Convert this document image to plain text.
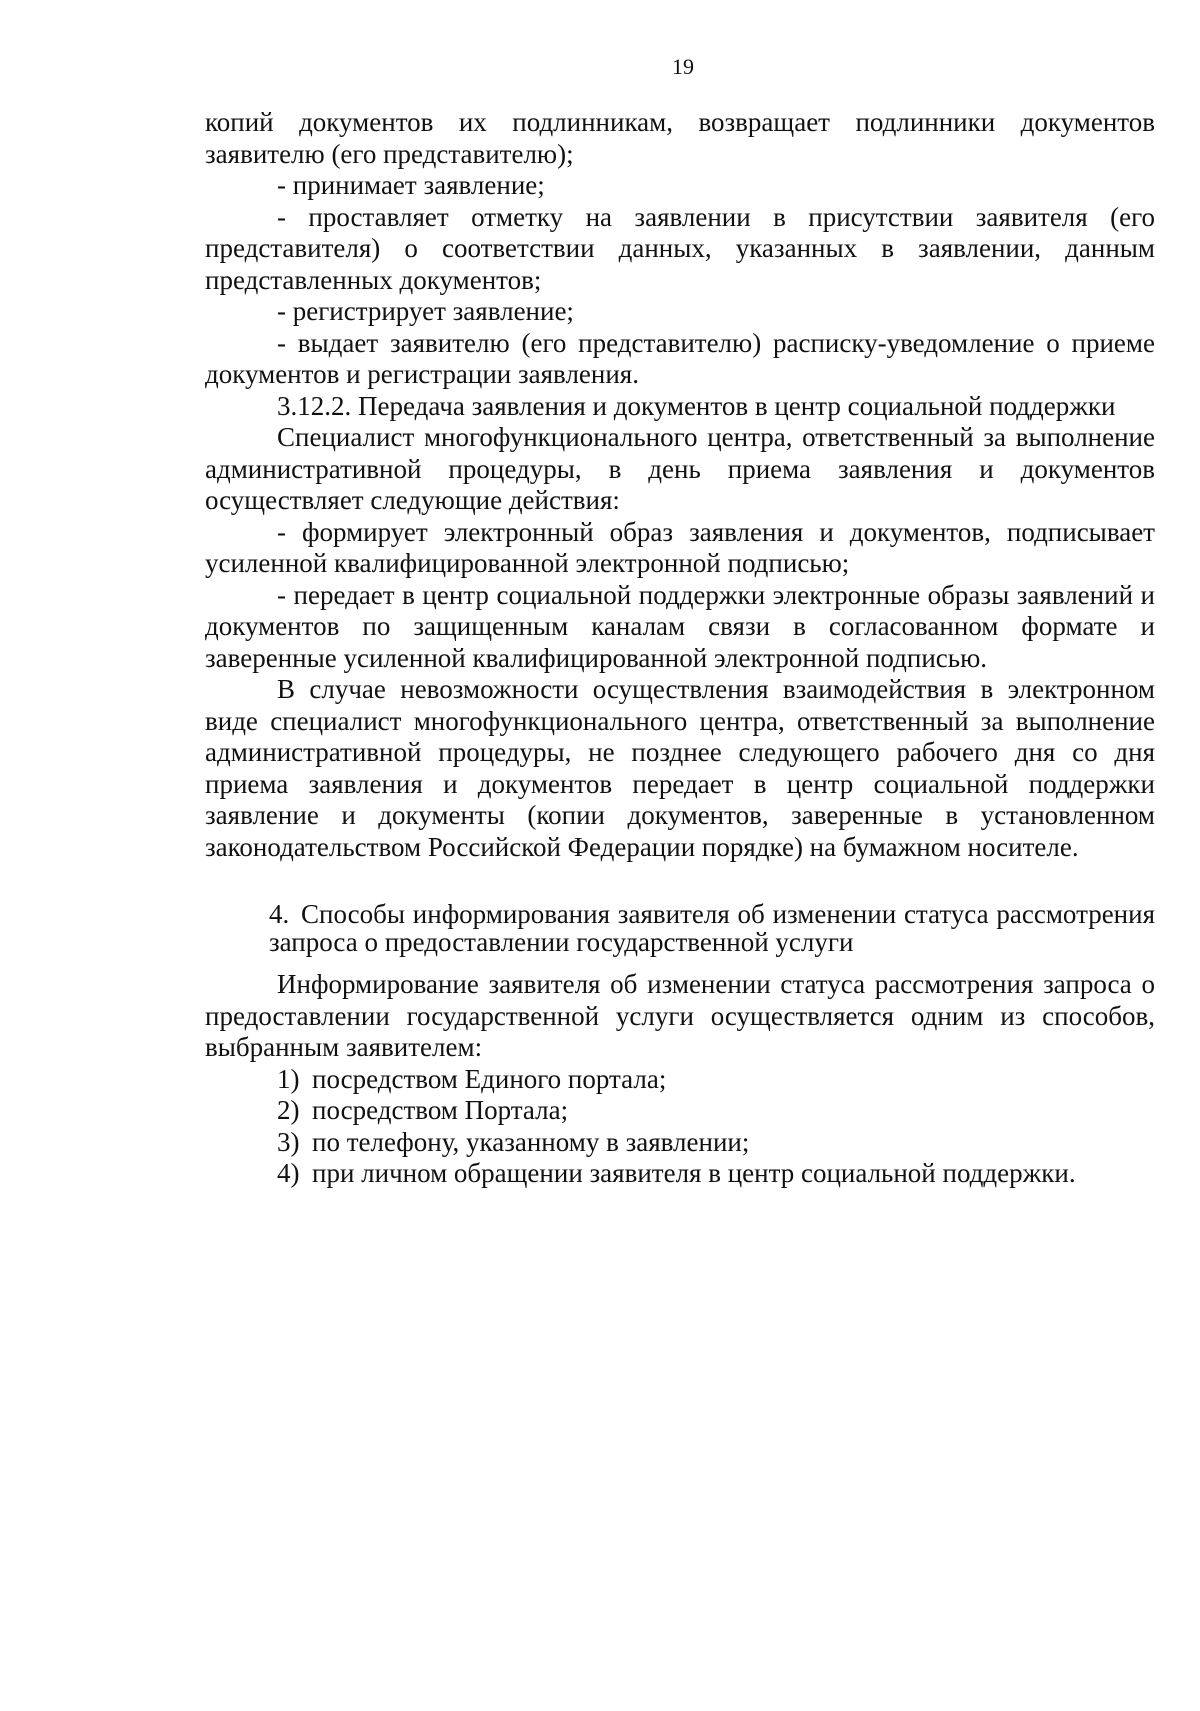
19

копий документов их подлинникам, возвращает подлинники документов заявителю (его представителю);

- принимает заявление;

- проставляет отметку на заявлении в присутствии заявителя (его представителя) о соответствии данных, указанных в заявлении, данным представленных документов;

- регистрирует заявление;

- выдает заявителю (его представителю) расписку-уведомление о приеме документов и регистрации заявления.

3.12.2. Передача заявления и документов в центр социальной поддержки

Специалист многофункционального центра, ответственный за выполнение административной процедуры, в день приема заявления и документов осуществляет следующие действия:

- формирует электронный образ заявления и документов, подписывает усиленной квалифицированной электронной подписью;

- передает в центр социальной поддержки электронные образы заявлений и документов по защищенным каналам связи в согласованном формате и заверенные усиленной квалифицированной электронной подписью.

В случае невозможности осуществления взаимодействия в электронном виде специалист многофункционального центра, ответственный за выполнение административной процедуры, не позднее следующего рабочего дня со дня приема заявления и документов передает в центр социальной поддержки заявление и документы (копии документов, заверенные в установленном законодательством Российской Федерации порядке) на бумажном носителе.

4. Способы информирования заявителя об изменении статуса рассмотрения запроса о предоставлении государственной услуги

Информирование заявителя об изменении статуса рассмотрения запроса о предоставлении государственной услуги осуществляется одним из способов, выбранным заявителем:

1) посредством Единого портала;
2) посредством Портала;
3) по телефону, указанному в заявлении;
4) при личном обращении заявителя в центр социальной поддержки.
